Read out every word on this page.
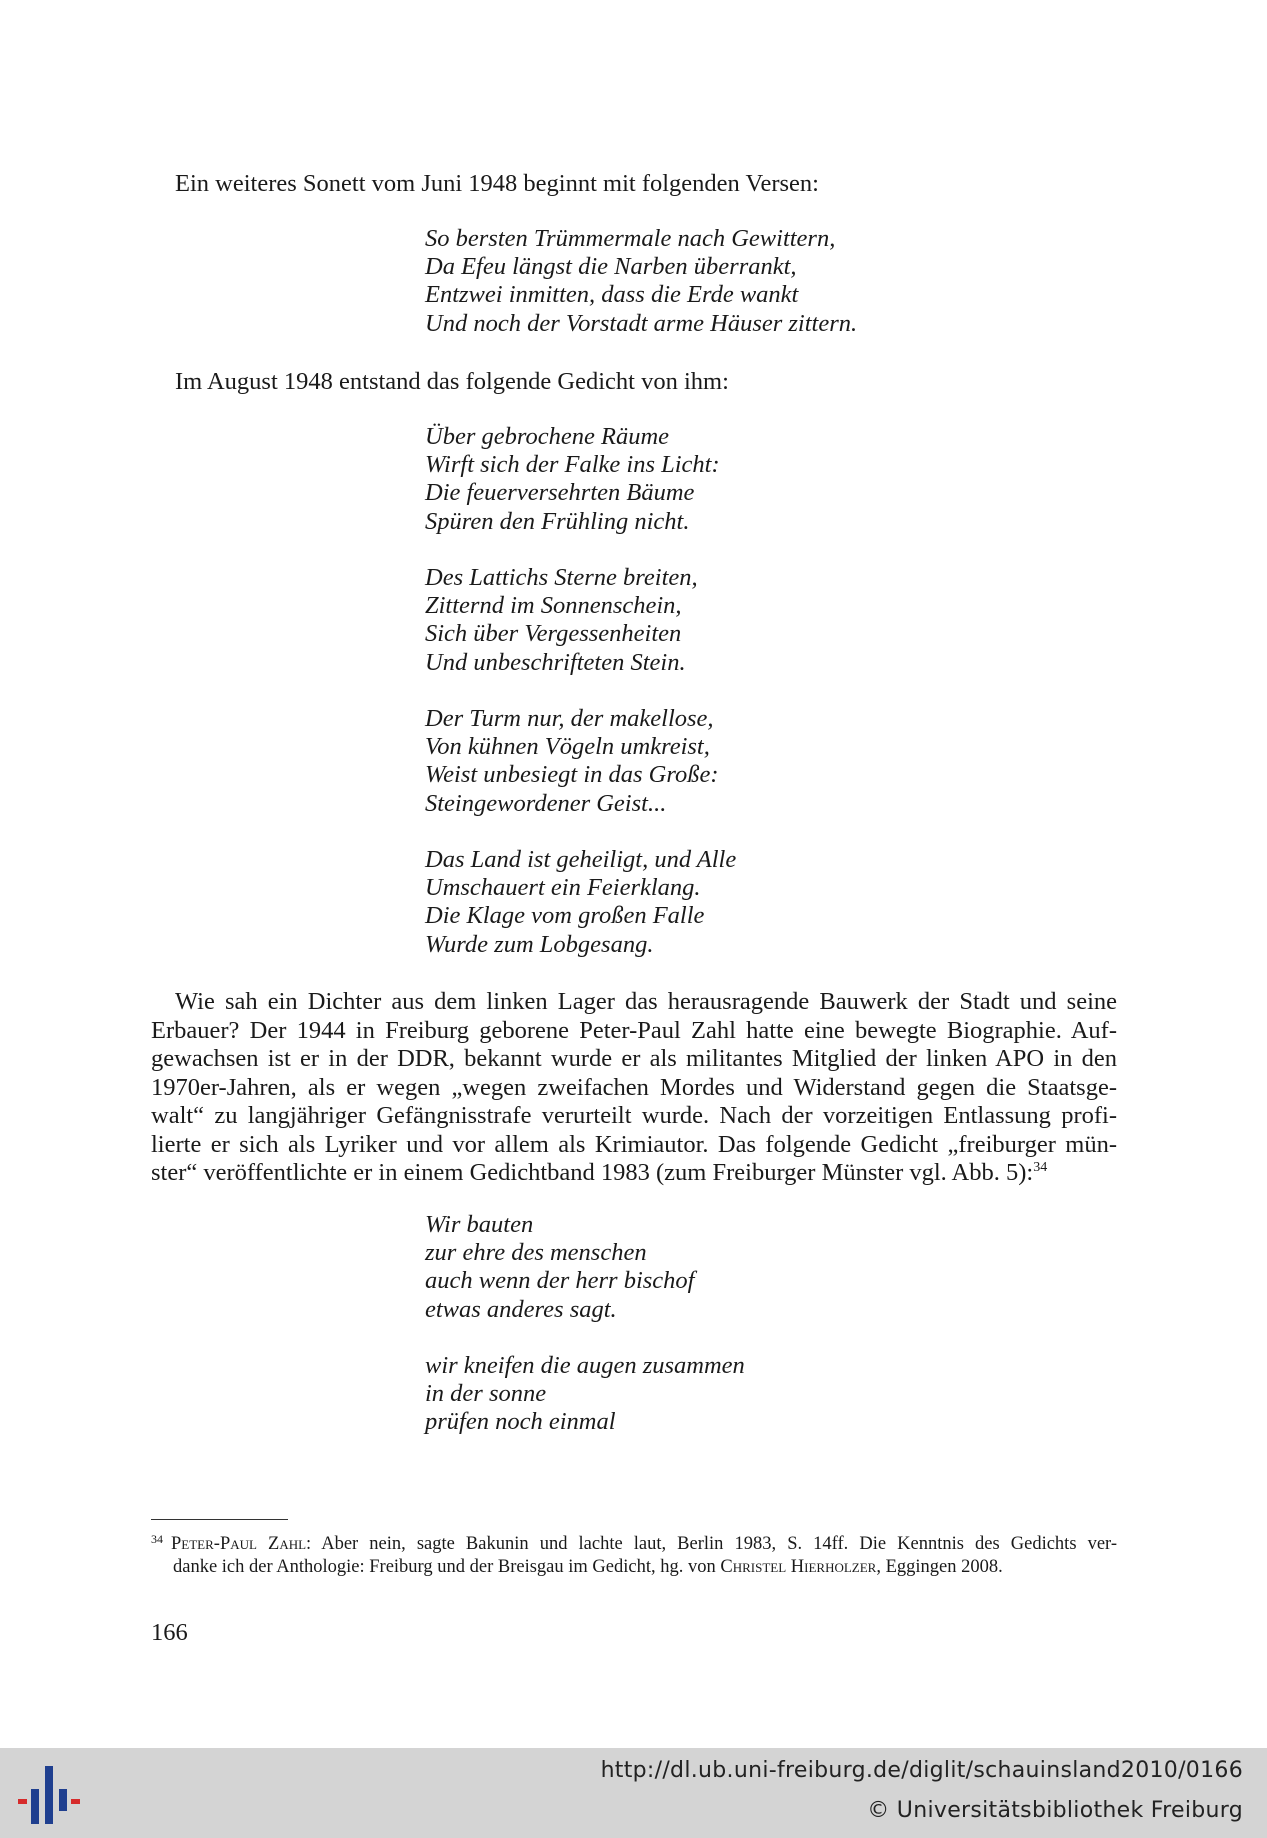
Ein weiteres Sonett vom Juni 1948 beginnt mit folgenden Versen:

So bersten Trümmermale nach Gewittern,
Da Efeu längst die Narben überrankt,
Entzwei inmitten, dass die Erde wankt
Und noch der Vorstadt arme Häuser zittern.

Im August 1948 entstand das folgende Gedicht von ihm:

Über gebrochene Räume
Wirft sich der Falke ins Licht:
Die feuerversehrten Bäume
Spüren den Frühling nicht.
Des Lattichs Sterne breiten,
Zitternd im Sonnenschein,
Sich über Vergessenheiten
Und unbeschrifteten Stein.
Der Turm nur, der makellose,
Von kühnen Vögeln umkreist,
Weist unbesiegt in das Große:
Steingewordener Geist...
Das Land ist geheiligt, und Alle
Umschauert ein Feierklang.
Die Klage vom großen Falle
Wurde zum Lobgesang.
Wie sah ein Dichter aus dem linken Lager das herausragende Bauwerk der Stadt und seine
Erbauer? Der 1944 in Freiburg geborene Peter-Paul Zahl hatte eine bewegte Biographie. Auf-
gewachsen ist er in der DDR, bekannt wurde er als militantes Mitglied der linken APO in den
1970er-Jahren, als er wegen „wegen zweifachen Mordes und Widerstand gegen die Staatsge-
walt“ zu langjähriger Gefängnisstrafe verurteilt wurde. Nach der vorzeitigen Entlassung profi-
lierte er sich als Lyriker und vor allem als Krimiautor. Das folgende Gedicht „freiburger mün-
ster“ veröffentlichte er in einem Gedichtband 1983 (zum Freiburger Münster vgl. Abb. 5):$^{34}$
Wir bauten
zur ehre des menschen
auch wenn der herr bischof
etwas anderes sagt.
wir kneifen die augen zusammen
in der sonne
prüfen noch einmal
$^{34}$ Peter-Paul Zahl: Aber nein, sagte Bakunin und lachte laut, Berlin 1983, S. 14ff. Die Kenntnis des Gedichts ver-
danke ich der Anthologie: Freiburg und der Breisgau im Gedicht, hg. von Christel Hierholzer, Eggingen 2008.
166
http://dl.ub.uni-freiburg.de/diglit/schauinsland2010/0166
© Universitätsbibliothek Freiburg
